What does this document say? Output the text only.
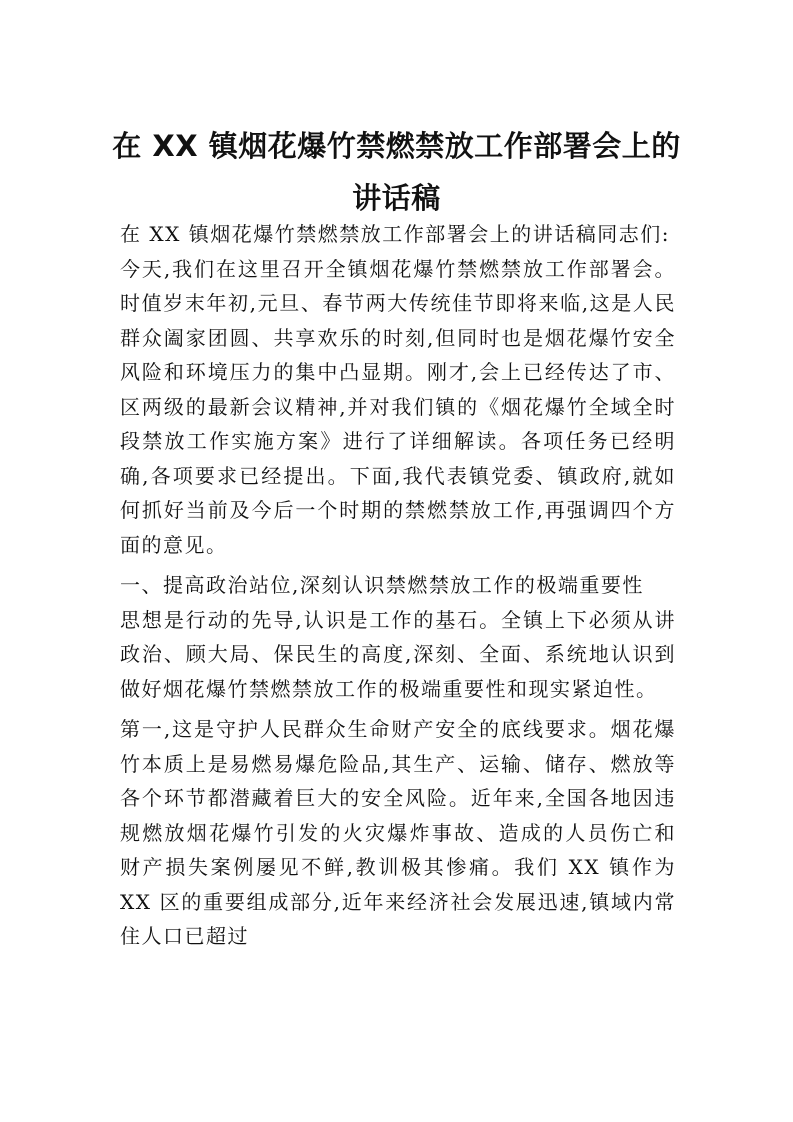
在 XX 镇烟花爆竹禁燃禁放工作部署会上的
讲话稿

在 XX 镇烟花爆竹禁燃禁放工作部署会上的讲话稿同志们:

今天,我们在这里召开全镇烟花爆竹禁燃禁放工作部署会。时值岁末年初,元旦、春节两大传统佳节即将来临,这是人民群众阖家团圆、共享欢乐的时刻,但同时也是烟花爆竹安全风险和环境压力的集中凸显期。刚才,会上已经传达了市、区两级的最新会议精神,并对我们镇的《烟花爆竹全域全时段禁放工作实施方案》进行了详细解读。各项任务已经明确,各项要求已经提出。下面,我代表镇党委、镇政府,就如何抓好当前及今后一个时期的禁燃禁放工作,再强调四个方面的意见。

一、提高政治站位,深刻认识禁燃禁放工作的极端重要性

思想是行动的先导,认识是工作的基石。全镇上下必须从讲政治、顾大局、保民生的高度,深刻、全面、系统地认识到做好烟花爆竹禁燃禁放工作的极端重要性和现实紧迫性。

第一,这是守护人民群众生命财产安全的底线要求。烟花爆竹本质上是易燃易爆危险品,其生产、运输、储存、燃放等各个环节都潜藏着巨大的安全风险。近年来,全国各地因违规燃放烟花爆竹引发的火灾爆炸事故、造成的人员伤亡和财产损失案例屡见不鲜,教训极其惨痛。我们 XX 镇作为 XX 区的重要组成部分,近年来经济社会发展迅速,镇域内常住人口已超过
